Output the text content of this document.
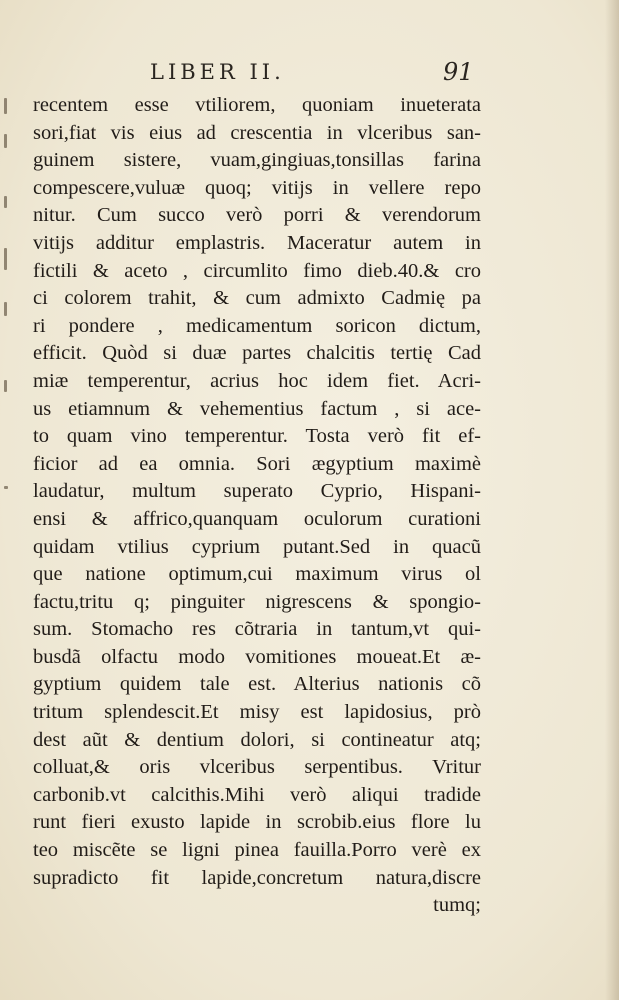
LIBER II.	91
recentem esse vtiliorem, quoniam inueterata
sori,fiat vis eius ad crescentia in vlceribus san-
guinem sistere, vuam,gingiuas,tonsillas farina
compescere,vuluæ quoq; vitijs in vellere repo
nitur. Cum succo verò porri & verendorum
vitijs additur emplastris. Maceratur autem in
fictili & aceto , circumlito fimo dieb.40.& cro
ci colorem trahit, & cum admixto Cadmię pa
ri pondere , medicamentum soricon dictum,
efficit. Quòd si duæ partes chalcitis tertię Cad
miæ temperentur, acrius hoc idem fiet. Acri-
us etiamnum & vehementius factum , si ace-
to quam vino temperentur. Tosta verò fit ef-
ficior ad ea omnia. Sori ægyptium maximè
laudatur, multum superato Cyprio, Hispani-
ensi & affrico,quanquam oculorum curationi
quidam vtilius cyprium putant.Sed in quacũ
que natione optimum,cui maximum virus ol
factu,tritu q; pinguiter nigrescens & spongio-
sum. Stomacho res cõtraria in tantum,vt qui-
busdã olfactu modo vomitiones moueat.Et æ-
gyptium quidem tale est. Alterius nationis cõ
tritum splendescit.Et misy est lapidosius, prò
dest aũt & dentium dolori, si contineatur atq;
colluat,& oris vlceribus serpentibus. Vritur
carbonib.vt calcithis.Mihi verò aliqui tradide
runt fieri exusto lapide in scrobib.eius flore lu
teo miscẽte se ligni pinea fauilla.Porro verè ex
supradicto fit lapide,concretum natura,discre
tumq;
